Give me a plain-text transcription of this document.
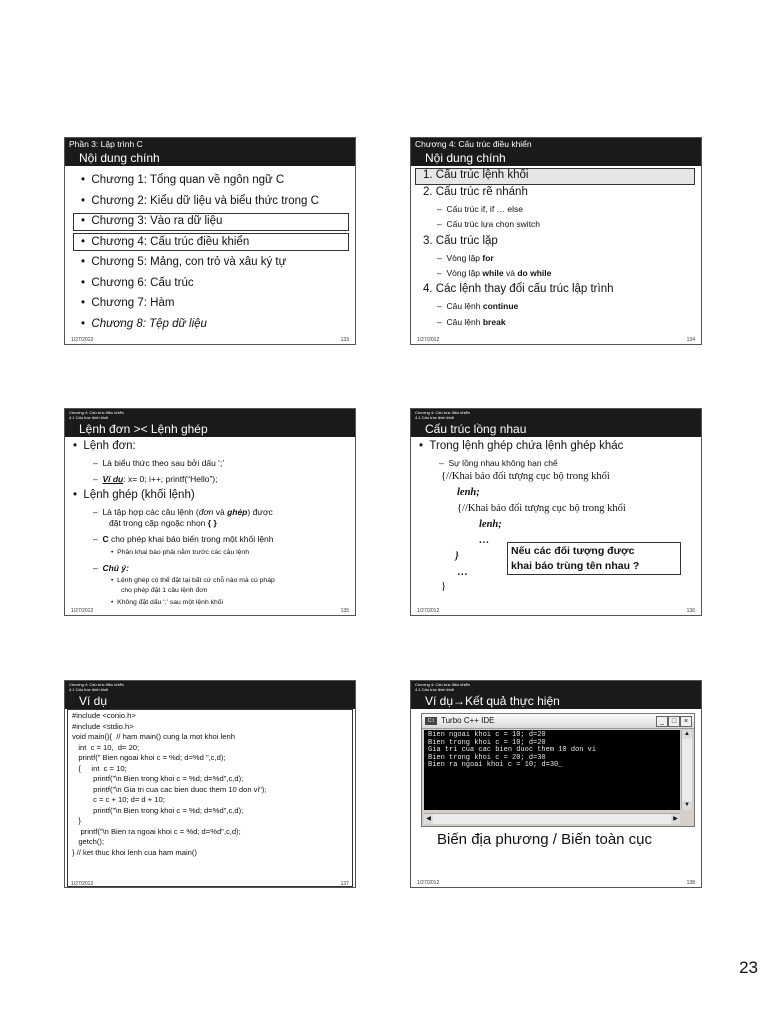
Phần 3: Lập trình C
Nội dung chính
• Chương 1: Tổng quan về ngôn ngữ C
• Chương 2: Kiểu dữ liệu và biểu thức trong C
• Chương 3: Vào ra dữ liệu
• Chương 4: Cấu trúc điều khiển
• Chương 5: Mảng, con trỏ và xâu ký tự
• Chương 6: Cấu trúc
• Chương 7: Hàm
• Chương 8: Tệp dữ liệu
1/27/2012	133
Chương 4: Cấu trúc điều khiển
Nội dung chính
1. Cấu trúc lệnh khối
2. Cấu trúc rẽ nhánh
– Cấu trúc if, if … else
– Cấu trúc lựa chọn switch
3. Cấu trúc lặp
– Vòng lặp for
– Vòng lặp while và do while
4. Các lệnh thay đổi cấu trúc lập trình
– Câu lệnh continue
– Câu lệnh break
1/27/2012	134
Chương 4: Cấu trúc điều khiển
4.1 Cấu trúc lệnh khối
Lệnh đơn >< Lệnh ghép
•  Lệnh đơn:
–  Là biểu thức theo sau bởi dấu ‘;’
–  Ví dụ: x= 0; i++; printf(“Hello”);
•  Lệnh ghép (khối lệnh)
–  Là tập hợp các câu lệnh (đơn và ghép) được
đặt trong cặp ngoặc nhọn { }
–  C cho phép khai báo biến trong một khối lệnh
•  Phần khai báo phải nằm trước các câu lệnh
–  Chú ý:
•  Lệnh ghép có thể đặt tại bất cứ chỗ nào mà cú pháp
cho phép đặt 1 câu lệnh đơn
•  Không đặt dấu ‘;’ sau một lệnh khối
1/27/2012	135
Chương 4: Cấu trúc điều khiển
4.1 Cấu trúc lệnh khối
Cấu trúc lồng nhau
•  Trong lệnh ghép chứa lệnh ghép khác
–  Sự lồng nhau không hạn chế
{//Khai báo đối tượng cục bộ trong khối
lenh;
{//Khai báo đối tượng cục bộ trong khối
lenh;
…
}
…
}
Nếu các đối tượng được
khai báo trùng tên nhau ?
1/27/2012	136
Chương 4: Cấu trúc điều khiển
4.1 Cấu trúc lệnh khối
Ví dụ
#include <conio.h>
#include <stdio.h>
void main(){  // ham main() cung la mot khoi lenh
int  c = 10,  d= 20;
printf(" Bien ngoai khoi c = %d; d=%d ",c,d);
{     int  c = 10;
printf("\n Bien trong khoi c = %d; d=%d",c,d);
printf("\n Gia tri cua cac bien duoc them 10 don vi");
c = c + 10; d= d + 10;
printf("\n Bien trong khoi c = %d; d=%d",c,d);
}
printf("\n Bien ra ngoai khoi c = %d; d=%d",c,d);
getch();
} // ket thuc khoi lenh cua ham main()
1/27/2012	137
Chương 4: Cấu trúc điều khiển
4.1 Cấu trúc lệnh khối
Ví dụ→Kết quả thực hiện
C:\ Turbo C++ IDE	_	□	×
Bien ngoai khoi c = 10; d=20
Bien trong khoi c = 10; d=20
Gia tri cua cac bien duoc them 10 don vi
Bien trong khoi c = 20; d=30
Bien ra ngoai khoi c = 10; d=30_
▲
▼
◀	▶
Biến địa phương / Biến toàn cục
1/27/2012	138
23
